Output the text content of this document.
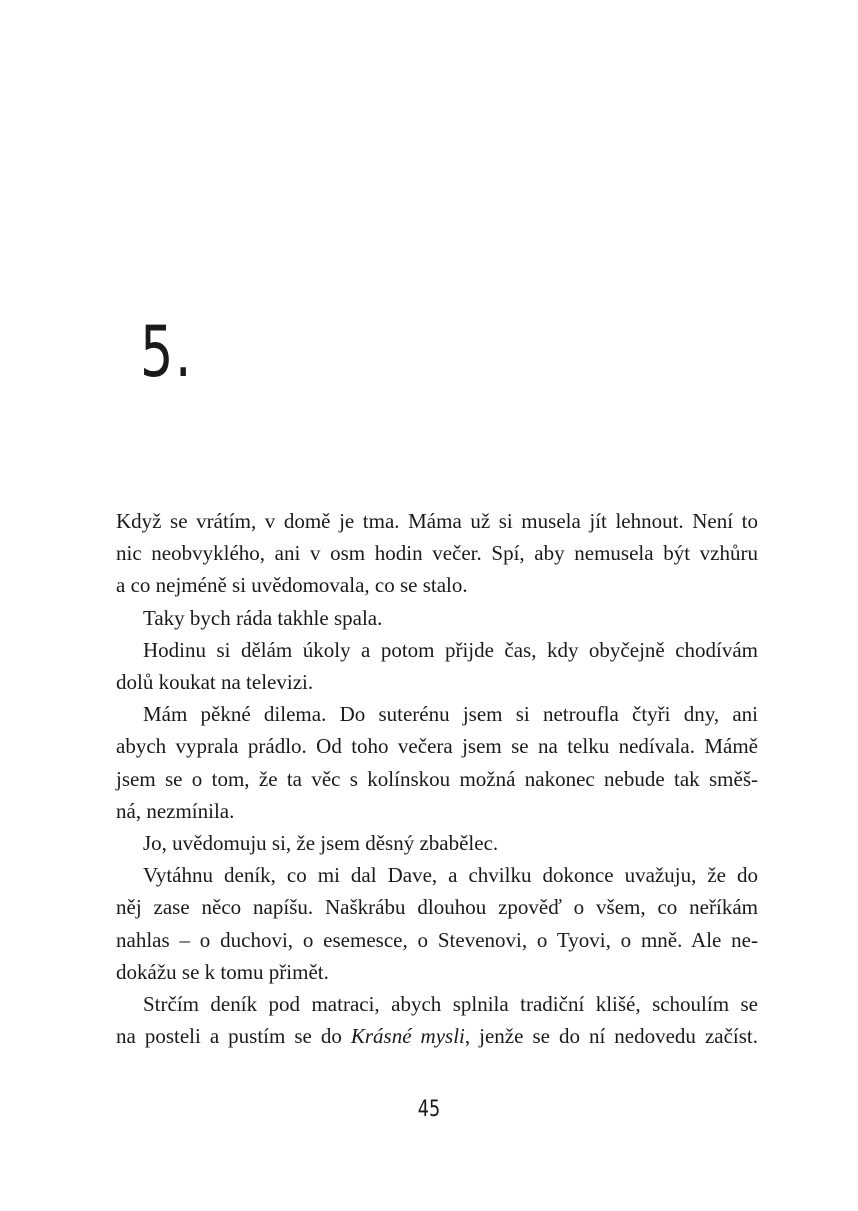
5.

Když se vrátím, v domě je tma. Máma už si musela jít lehnout. Není to

nic neobvyklého, ani v osm hodin večer. Spí, aby nemusela být vzhůru

a co nejméně si uvědomovala, co se stalo.

Taky bych ráda takhle spala.

Hodinu si dělám úkoly a potom přijde čas, kdy obyčejně chodívám

dolů koukat na televizi.

Mám pěkné dilema. Do suterénu jsem si netroufla čtyři dny, ani

abych vyprala prádlo. Od toho večera jsem se na telku nedívala. Mámě

jsem se o tom, že ta věc s kolínskou možná nakonec nebude tak směš-

ná, nezmínila.

Jo, uvědomuju si, že jsem děsný zbabělec.

Vytáhnu deník, co mi dal Dave, a chvilku dokonce uvažuju, že do

něj zase něco napíšu. Naškrábu dlouhou zpověď o všem, co neříkám

nahlas – o duchovi, o esemesce, o Stevenovi, o Tyovi, o mně. Ale ne-

dokážu se k tomu přimět.

Strčím deník pod matraci, abych splnila tradiční klišé, schoulím se

na posteli a pustím se do Krásné mysli, jenže se do ní nedovedu začíst.

45
